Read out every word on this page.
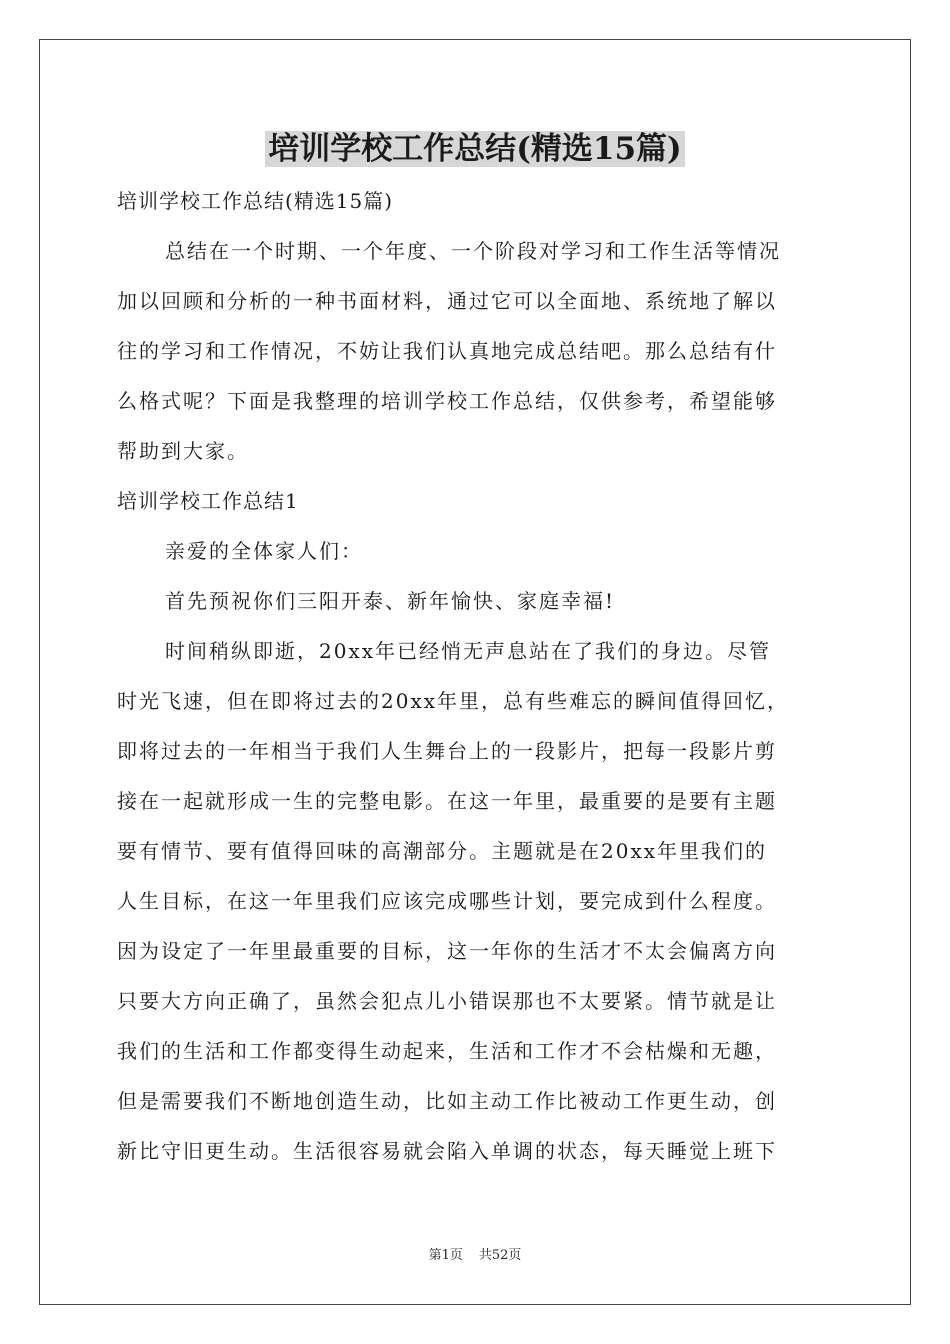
培训学校工作总结(精选15篇)
培训学校工作总结(精选15篇)
总结在一个时期、一个年度、一个阶段对学习和工作生活等情况
加以回顾和分析的一种书面材料，通过它可以全面地、系统地了解以
往的学习和工作情况，不妨让我们认真地完成总结吧。那么总结有什
么格式呢？下面是我整理的培训学校工作总结，仅供参考，希望能够
帮助到大家。
培训学校工作总结1
亲爱的全体家人们：
首先预祝你们三阳开泰、新年愉快、家庭幸福!
时间稍纵即逝，20xx年已经悄无声息站在了我们的身边。尽管
时光飞速，但在即将过去的20xx年里，总有些难忘的瞬间值得回忆，
即将过去的一年相当于我们人生舞台上的一段影片，把每一段影片剪
接在一起就形成一生的完整电影。在这一年里，最重要的是要有主题
要有情节、要有值得回味的高潮部分。主题就是在20xx年里我们的
人生目标，在这一年里我们应该完成哪些计划，要完成到什么程度。
因为设定了一年里最重要的目标，这一年你的生活才不太会偏离方向
只要大方向正确了，虽然会犯点儿小错误那也不太要紧。情节就是让
我们的生活和工作都变得生动起来，生活和工作才不会枯燥和无趣，
但是需要我们不断地创造生动，比如主动工作比被动工作更生动，创
新比守旧更生动。生活很容易就会陷入单调的状态，每天睡觉上班下
第1页 共52页
